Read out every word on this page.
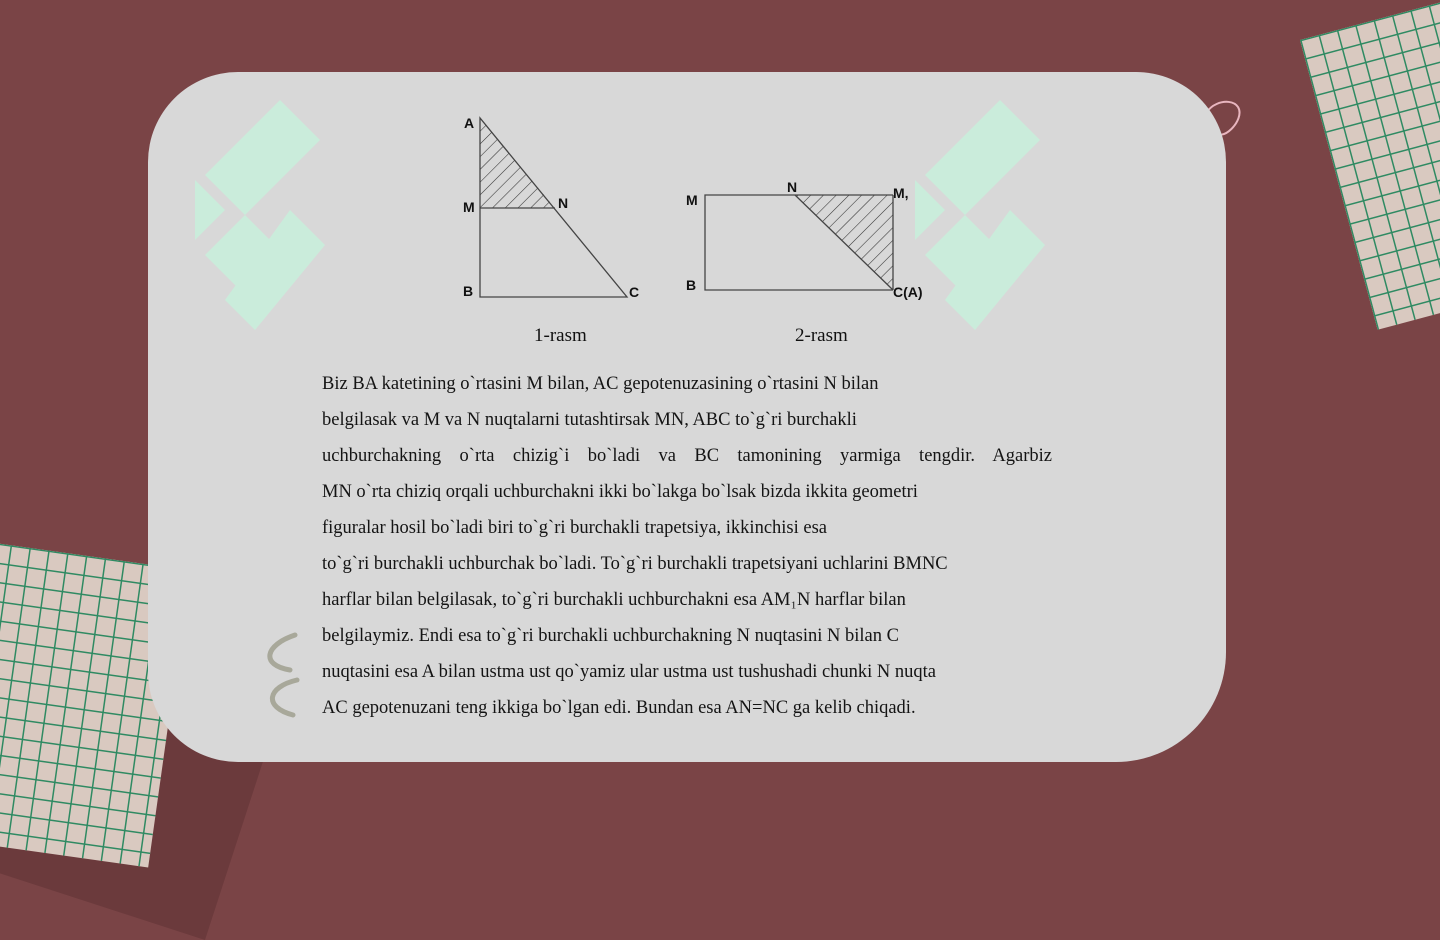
A
M	N
B	C
M
N	M,
B	C(A)
1-rasm	2-rasm
Biz BA katetining o`rtasini M bilan, AC gepotenuzasining o`rtasini N bilan
belgilasak va M va N nuqtalarni tutashtirsak MN, ABC to`g`ri burchakli
uchburchakning o`rta chizig`i bo`ladi va BC tamonining yarmiga tengdir. Agarbiz
MN o`rta chiziq orqali uchburchakni ikki bo`lakga bo`lsak bizda ikkita geometri
figuralar hosil bo`ladi biri to`g`ri burchakli trapetsiya, ikkinchisi esa
to`g`ri burchakli uchburchak bo`ladi. To`g`ri burchakli trapetsiyani uchlarini BMNC
harflar bilan belgilasak, to`g`ri burchakli uchburchakni esa AM₁N harflar bilan
belgilaymiz. Endi esa to`g`ri burchakli uchburchakning N nuqtasini N bilan C
nuqtasini esa A bilan ustma ust qo`yamiz ular ustma ust tushushadi chunki N nuqta
AC gepotenuzani teng ikkiga bo`lgan edi. Bundan esa AN=NC ga kelib chiqadi.
